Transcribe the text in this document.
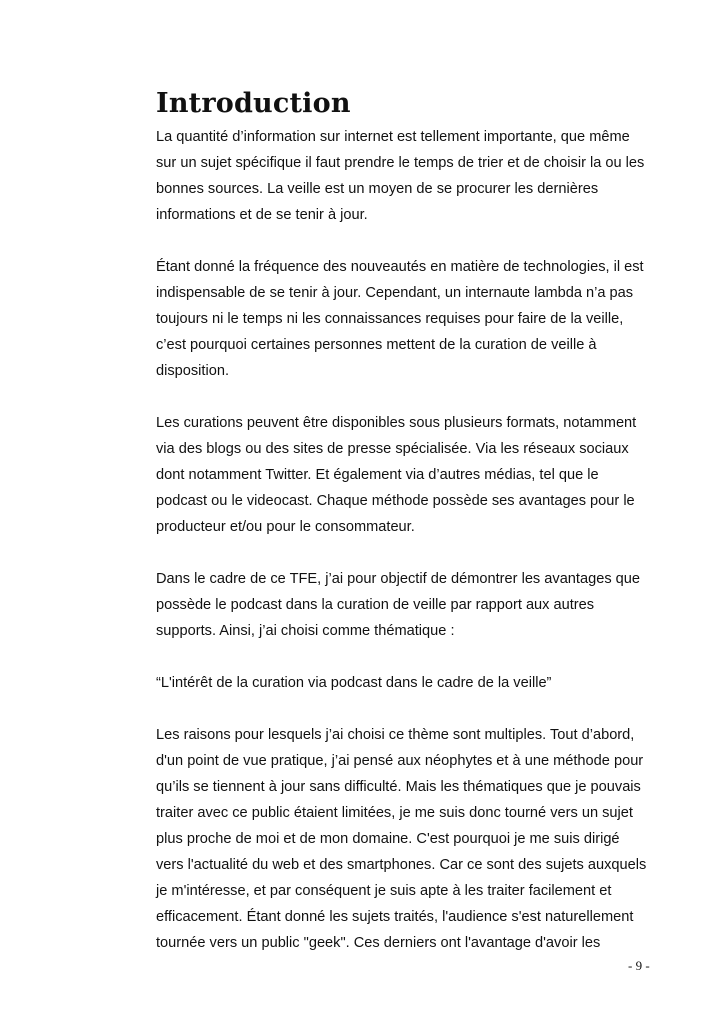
Introduction
La quantité d’information sur internet est tellement importante, que même
sur un sujet spécifique il faut prendre le temps de trier et de choisir la ou les
bonnes sources. La veille est un moyen de se procurer les dernières
informations et de se tenir à jour.
Étant donné la fréquence des nouveautés en matière de technologies, il est
indispensable de se tenir à jour. Cependant, un internaute lambda n’a pas
toujours ni le temps ni les connaissances requises pour faire de la veille,
c’est pourquoi certaines personnes mettent de la curation de veille à
disposition.
Les curations peuvent être disponibles sous plusieurs formats, notamment
via des blogs ou des sites de presse spécialisée. Via les réseaux sociaux
dont notamment Twitter. Et également via d’autres médias, tel que le
podcast ou le videocast. Chaque méthode possède ses avantages pour le
producteur et/ou pour le consommateur.
Dans le cadre de ce TFE, j’ai pour objectif de démontrer les avantages que
possède le podcast dans la curation de veille par rapport aux autres
supports. Ainsi, j’ai choisi comme thématique :
“L'intérêt de la curation via podcast dans le cadre de la veille”
Les raisons pour lesquels j’ai choisi ce thème sont multiples. Tout d’abord,
d'un point de vue pratique, j’ai pensé aux néophytes et à une méthode pour
qu’ils se tiennent à jour sans difficulté. Mais les thématiques que je pouvais
traiter avec ce public étaient limitées, je me suis donc tourné vers un sujet
plus proche de moi et de mon domaine. C'est pourquoi je me suis dirigé
vers l'actualité du web et des smartphones. Car ce sont des sujets auxquels
je m'intéresse, et par conséquent je suis apte à les traiter facilement et
efficacement. Étant donné les sujets traités, l'audience s'est naturellement
tournée vers un public "geek". Ces derniers ont l'avantage d'avoir les
- 9 -
